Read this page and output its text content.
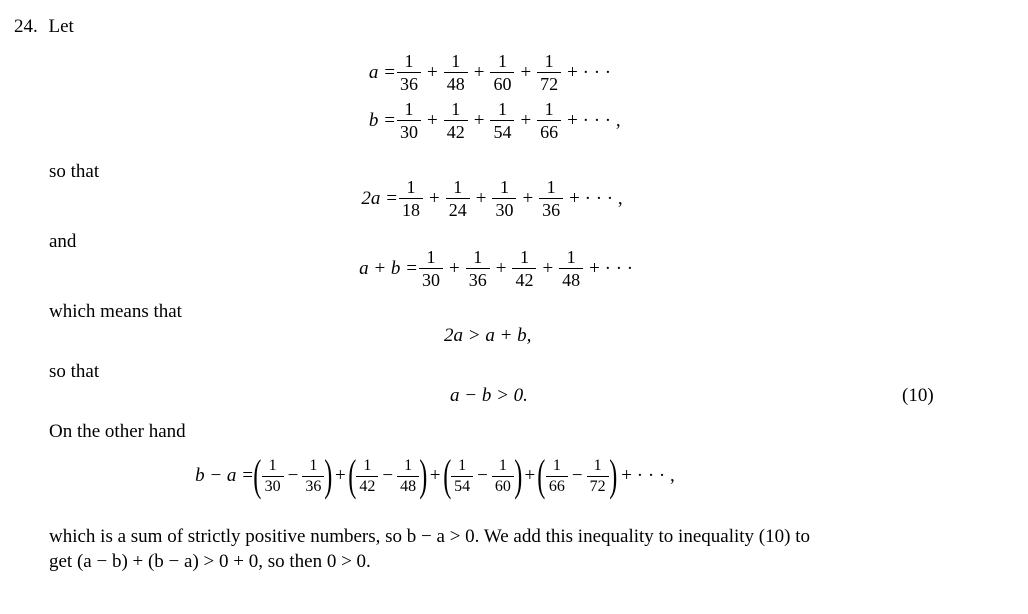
24. Let
$a = \frac{1}{36} + \frac{1}{48} + \frac{1}{60} + \frac{1}{72}$ + · · ·
$b = \frac{1}{30} + \frac{1}{42} + \frac{1}{54} + \frac{1}{66}$ + · · · ,
so that
$2a = \frac{1}{18} + \frac{1}{24} + \frac{1}{30} + \frac{1}{36}$ + · · · ,
and
$a + b = \frac{1}{30} + \frac{1}{36} + \frac{1}{42} + \frac{1}{48}$ + · · ·
which means that
2a > a + b,
so that
a − b > 0.	(10)
On the other hand
b − a = ( 1
$30 - \frac{1}{36}$ ) + ( 1
$42 - \frac{1}{48}$ ) + ( 1
$54 - \frac{1}{60}$ ) + ( 1
$66 - \frac{1}{72}$ ) + · · · ,
which is a sum of strictly positive numbers, so b − a > 0. We add this inequality to inequality (10) to
get (a − b) + (b − a) > 0 + 0, so then 0 > 0.
